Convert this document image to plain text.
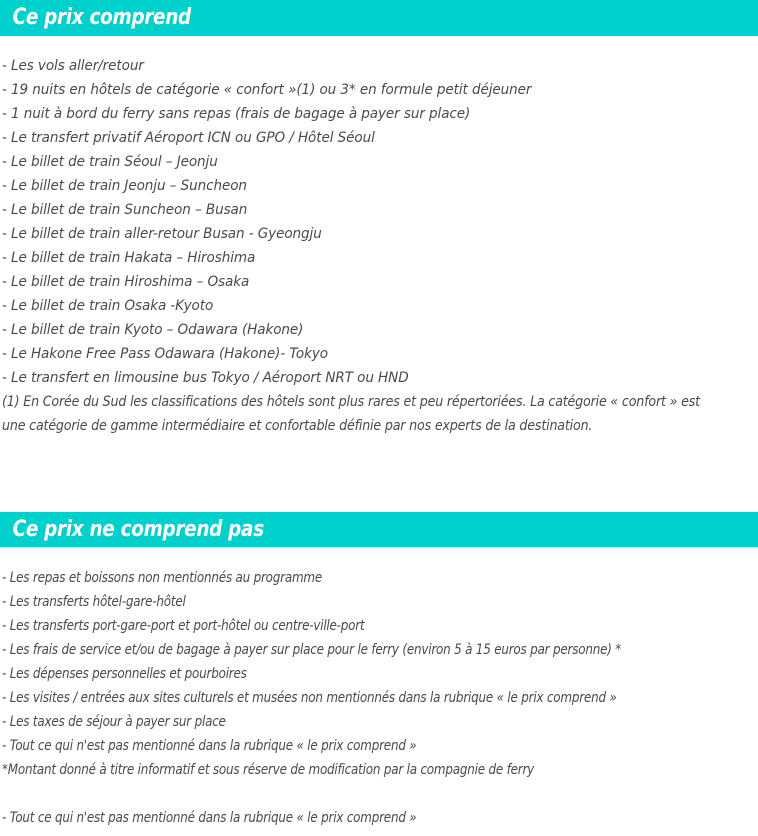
Ce prix comprend
- Les vols aller/retour
- 19 nuits en hôtels de catégorie « confort »(1) ou 3* en formule petit déjeuner
- 1 nuit à bord du ferry sans repas (frais de bagage à payer sur place)
- Le transfert privatif Aéroport ICN ou GPO / Hôtel Séoul
- Le billet de train Séoul – Jeonju
- Le billet de train Jeonju – Suncheon
- Le billet de train Suncheon – Busan
- Le billet de train aller-retour Busan - Gyeongju
- Le billet de train Hakata – Hiroshima
- Le billet de train Hiroshima – Osaka
- Le billet de train Osaka -Kyoto
- Le billet de train Kyoto – Odawara (Hakone)
- Le Hakone Free Pass Odawara (Hakone)- Tokyo
- Le transfert en limousine bus Tokyo / Aéroport NRT ou HND
(1) En Corée du Sud les classifications des hôtels sont plus rares et peu répertoriées. La catégorie « confort » est une catégorie de gamme intermédiaire et confortable définie par nos experts de la destination.
Ce prix ne comprend pas
- Les repas et boissons non mentionnés au programme
- Les transferts hôtel-gare-hôtel
- Les transferts port-gare-port et port-hôtel ou centre-ville-port
- Les frais de service et/ou de bagage à payer sur place pour le ferry (environ 5 à 15 euros par personne) *
- Les dépenses personnelles et pourboires
- Les visites / entrées aux sites culturels et musées non mentionnés dans la rubrique « le prix comprend »
- Les taxes de séjour à payer sur place
- Tout ce qui n'est pas mentionné dans la rubrique « le prix comprend »
*Montant donné à titre informatif et sous réserve de modification par la compagnie de ferry
- Tout ce qui n'est pas mentionné dans la rubrique « le prix comprend »
